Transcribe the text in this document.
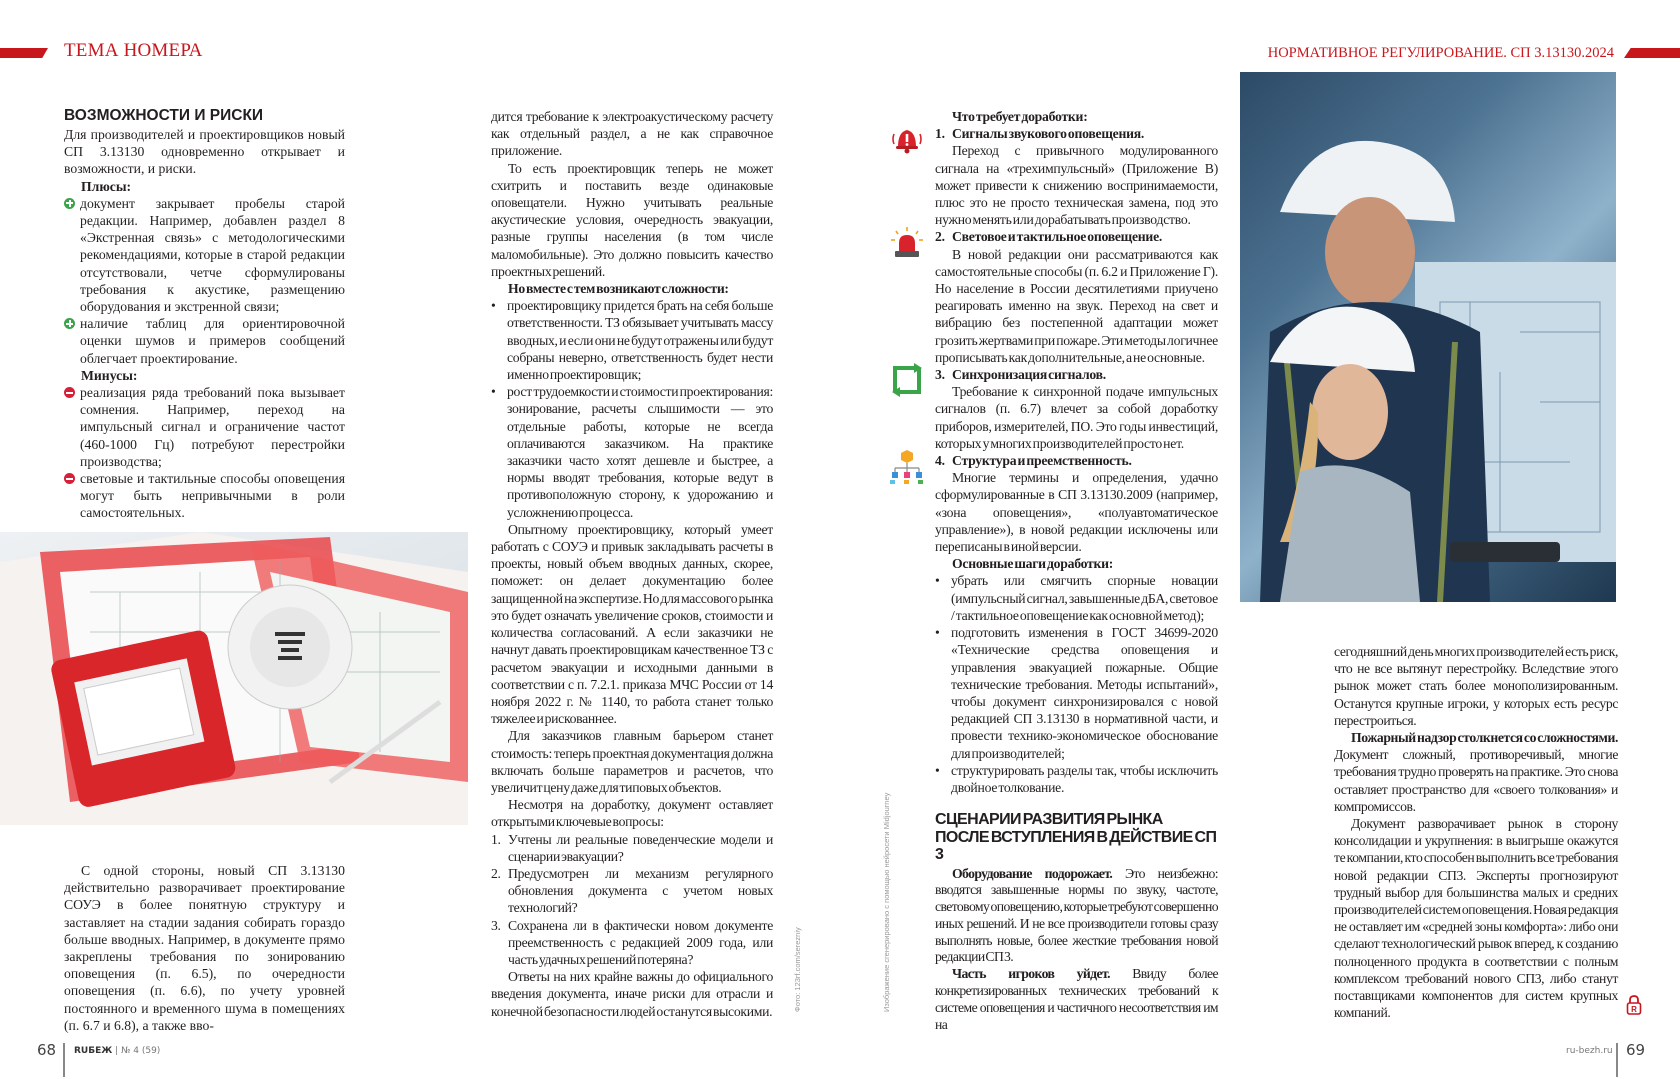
ТЕМА НОМЕРА	НОРМАТИВНОЕ РЕГУЛИРОВАНИЕ. СП 3.13130.2024

ВОЗМОЖНОСТИ И РИСКИ

Для производителей и проектировщиков новый СП 3.13130 одновременно открывает и возможности, и риски.

Плюсы:

документ закрывает пробелы старой редакции. Например, добавлен раздел 8 «Экстренная связь» с методологическими рекомендациями, которые в старой редакции отсутствовали, четче сформулированы требования к акустике, размещению оборудования и экстренной связи;

наличие таблиц для ориентировочной оценки шумов и примеров сообщений облегчает проектирование.

Минусы:

реализация ряда требований пока вызывает сомнения. Например, переход на импульсный сигнал и ограничение частот (460-1000 Гц) потребуют перестройки производства;

световые и тактильные способы оповещения могут быть непривычными в роли самостоятельных.

С одной стороны, новый СП 3.13130 действительно разворачивает проектирование СОУЭ в более понятную структуру и заставляет на стадии задания собирать гораздо больше вводных. Например, в документе прямо закреплены требования по зонированию оповещения (п. 6.5), по очередности оповещения (п. 6.6), по учету уровней постоянного и временного шума в помещениях (п. 6.7 и 6.8), а также вво-

дится требование к электроакустическому расчету как отдельный раздел, а не как справочное приложение.

То есть проектировщик теперь не может схитрить и поставить везде одинаковые оповещатели. Нужно учитывать реальные акустические условия, очередность эвакуации, разные группы населения (в том числе маломобильные). Это должно повысить качество проектных решений.

Но вместе с тем возникают сложности:

• проектировщику придется брать на себя больше ответственности. ТЗ обязывает учитывать массу вводных, и если они не будут отражены или будут собраны неверно, ответственность будет нести именно проектировщик;

• рост трудоемкости и стоимости проектирования: зонирование, расчеты слышимости — это отдельные работы, которые не всегда оплачиваются заказчиком. На практике заказчики часто хотят дешевле и быстрее, а нормы вводят требования, которые ведут в противоположную сторону, к удорожанию и усложнению процесса.

Опытному проектировщику, который умеет работать с СОУЭ и привык закладывать расчеты в проекты, новый объем вводных данных, скорее, поможет: он делает документацию более защищенной на экспертизе. Но для массового рынка это будет означать увеличение сроков, стоимости и количества согласований. А если заказчики не начнут давать проектировщикам качественное ТЗ с расчетом эвакуации и исходными данными в соответствии с п. 7.2.1. приказа МЧС России от 14 ноября 2022 г. № 1140, то работа станет только тяжелее и рискованнее.

Для заказчиков главным барьером станет стоимость: теперь проектная документация должна включать больше параметров и расчетов, что увеличит цену даже для типовых объектов.

Несмотря на доработку, документ оставляет открытыми ключевые вопросы:

1. Учтены ли реальные поведенческие модели и сценарии эвакуации?

2. Предусмотрен ли механизм регулярного обновления документа с учетом новых технологий?

3. Сохранена ли в фактически новом документе преемственность с редакцией 2009 года, или часть удачных решений потеряна?

Ответы на них крайне важны до официального введения документа, иначе риски для отрасли и конечной безопасности людей останутся высокими.	Фото: 123rf.com/serezniy	Изображение сгенерировано с помощью нейросети Midjourney

Что требует доработки:

1. Сигналы звукового оповещения.

Переход с привычного модулированного сигнала на «трехимпульсный» (Приложение В) может привести к снижению воспринимаемости, плюс это не просто техническая замена, под это нужно менять или дорабатывать производство.

2. Световое и тактильное оповещение.

В новой редакции они рассматриваются как самостоятельные способы (п. 6.2 и Приложение Г). Но население в России десятилетиями приучено реагировать именно на звук. Переход на свет и вибрацию без постепенной адаптации может грозить жертвами при пожаре. Эти методы логичнее прописывать как дополнительные, а не основные.

3. Синхронизация сигналов.

Требование к синхронной подаче импульсных сигналов (п. 6.7) влечет за собой доработку приборов, измерителей, ПО. Это годы инвестиций, которых у многих производителей просто нет.

4. Структура и преемственность.

Многие термины и определения, удачно сформулированные в СП 3.13130.2009 (например, «зона оповещения», «полуавтоматическое управление»), в новой редакции исключены или переписаны в иной версии.

Основные шаги доработки:

• убрать или смягчить спорные новации (импульсный сигнал, завышенные дБА, световое / тактильное оповещение как основной метод);

• подготовить изменения в ГОСТ 34699-2020 «Технические средства оповещения и управления эвакуацией пожарные. Общие технические требования. Методы испытаний», чтобы документ синхронизировался с новой редакцией СП 3.13130 в нормативной части, и провести технико-экономическое обоснование для производителей;

• структурировать разделы так, чтобы исключить двойное толкование.

СЦЕНАРИИ РАЗВИТИЯ РЫНКА ПОСЛЕ ВСТУПЛЕНИЯ В ДЕЙСТВИЕ СП 3

Оборудование подорожает. Это неизбежно: вводятся завышенные нормы по звуку, частоте, световому оповещению, которые требуют совершенно иных решений. И не все производители готовы сразу выполнять новые, более жесткие требования новой редакции СП 3.

Часть игроков уйдет. Ввиду более конкретизированных технических требований к системе оповещения и частичного несоответствия им на

сегодняшний день многих производителей есть риск, что не все вытянут перестройку. Вследствие этого рынок может стать более монополизированным. Останутся крупные игроки, у которых есть ресурс перестроиться.

Пожарный надзор столкнется со сложностями. Документ сложный, противоречивый, многие требования трудно проверять на практике. Это снова оставляет пространство для «своего толкования» и компромиссов.

Документ разворачивает рынок в сторону консолидации и укрупнения: в выигрыше окажутся те компании, кто способен выполнить все требования новой редакции СП3. Эксперты прогнозируют трудный выбор для большинства малых и средних производителей систем оповещения. Новая редакция не оставляет им «средней зоны комфорта»: либо они сделают технологический рывок вперед, к созданию полноценного продукта в соответствии с полным комплексом требований нового СП3, либо станут поставщиками компонентов для систем крупных компаний.	R
68 RUБЕЖ | № 4 (59)	ru-bezh.ru 69
